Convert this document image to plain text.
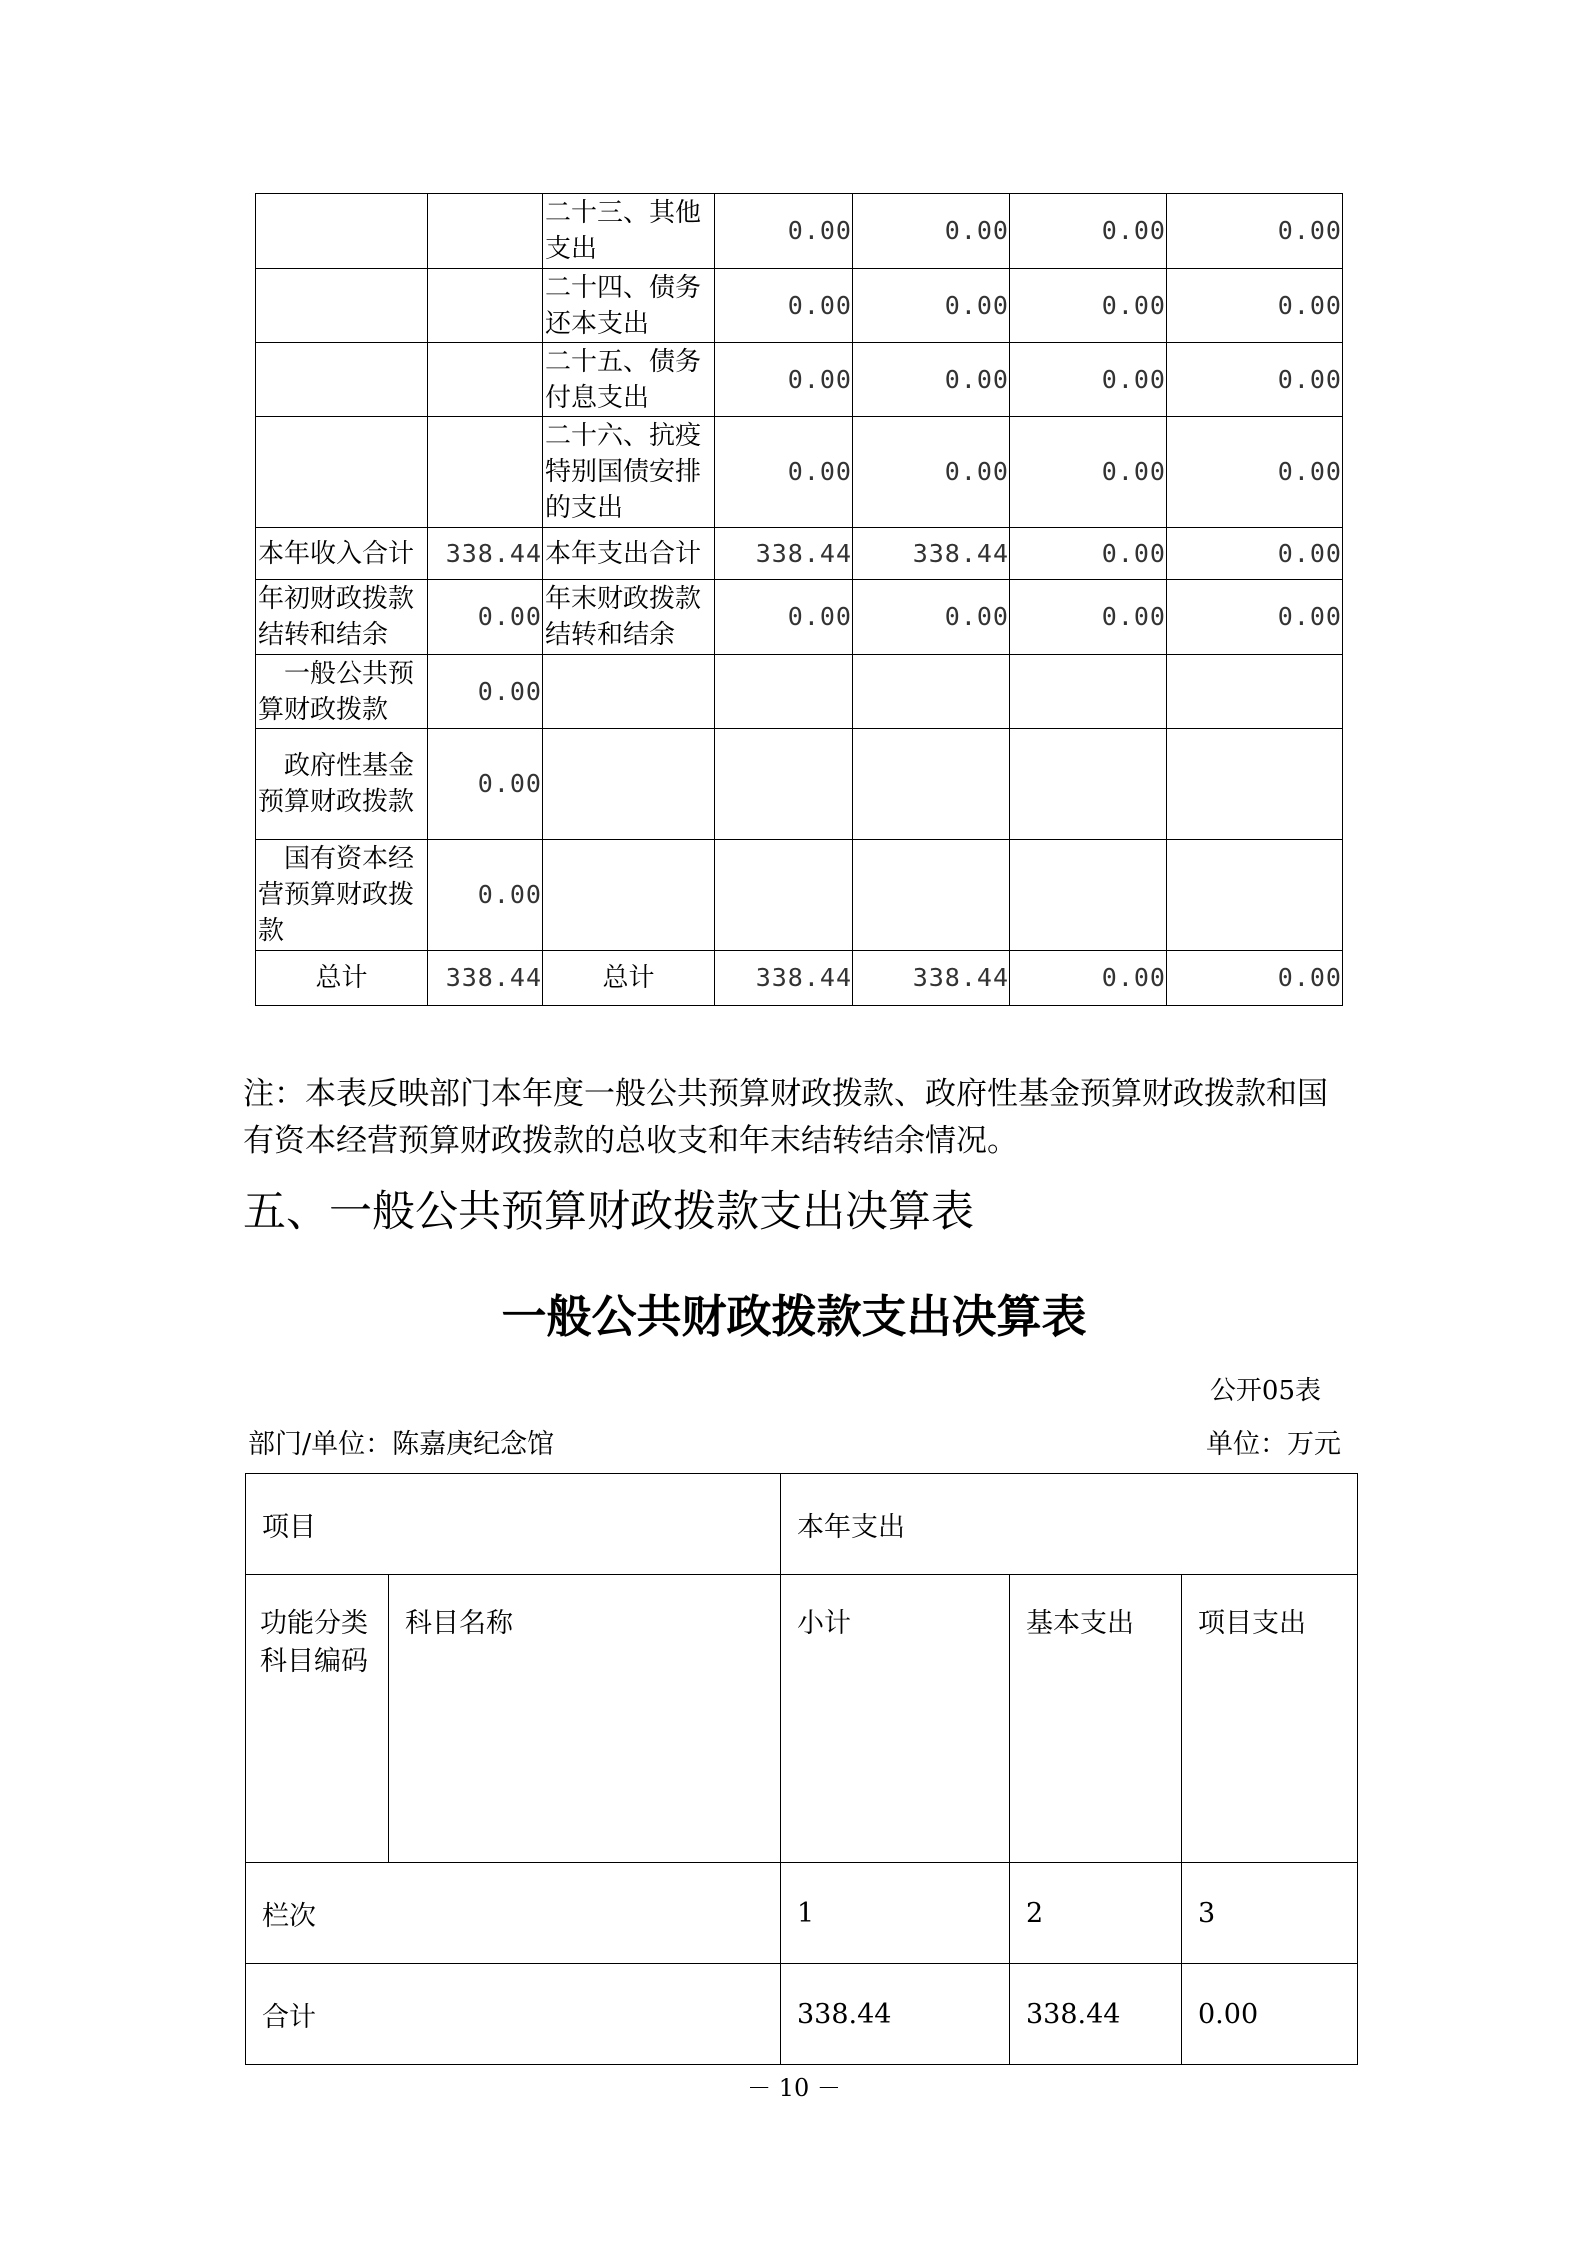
		二十三、其他支出	0.00	0.00	0.00	0.00
		二十四、债务还本支出	0.00	0.00	0.00	0.00
		二十五、债务付息支出	0.00	0.00	0.00	0.00
		二十六、抗疫特别国债安排的支出	0.00	0.00	0.00	0.00
本年收入合计	338.44	本年支出合计	338.44	338.44	0.00	0.00
年初财政拨款结转和结余	0.00	年末财政拨款结转和结余	0.00	0.00	0.00	0.00
一般公共预算财政拨款	0.00					
政府性基金预算财政拨款	0.00					
国有资本经营预算财政拨款	0.00					
总计	338.44	总计	338.44	338.44	0.00	0.00

注：本表反映部门本年度一般公共预算财政拨款、政府性基金预算财政拨款和国有资本经营预算财政拨款的总收支和年末结转结余情况。

五、一般公共预算财政拨款支出决算表
一般公共财政拨款支出决算表
公开05表
部门/单位：陈嘉庚纪念馆	单位：万元
项目		本年支出		
功能分类科目编码	科目名称	小计	基本支出	项目支出
栏次		1	2	3
合计		338.44	338.44	0.00
－ 10 －
